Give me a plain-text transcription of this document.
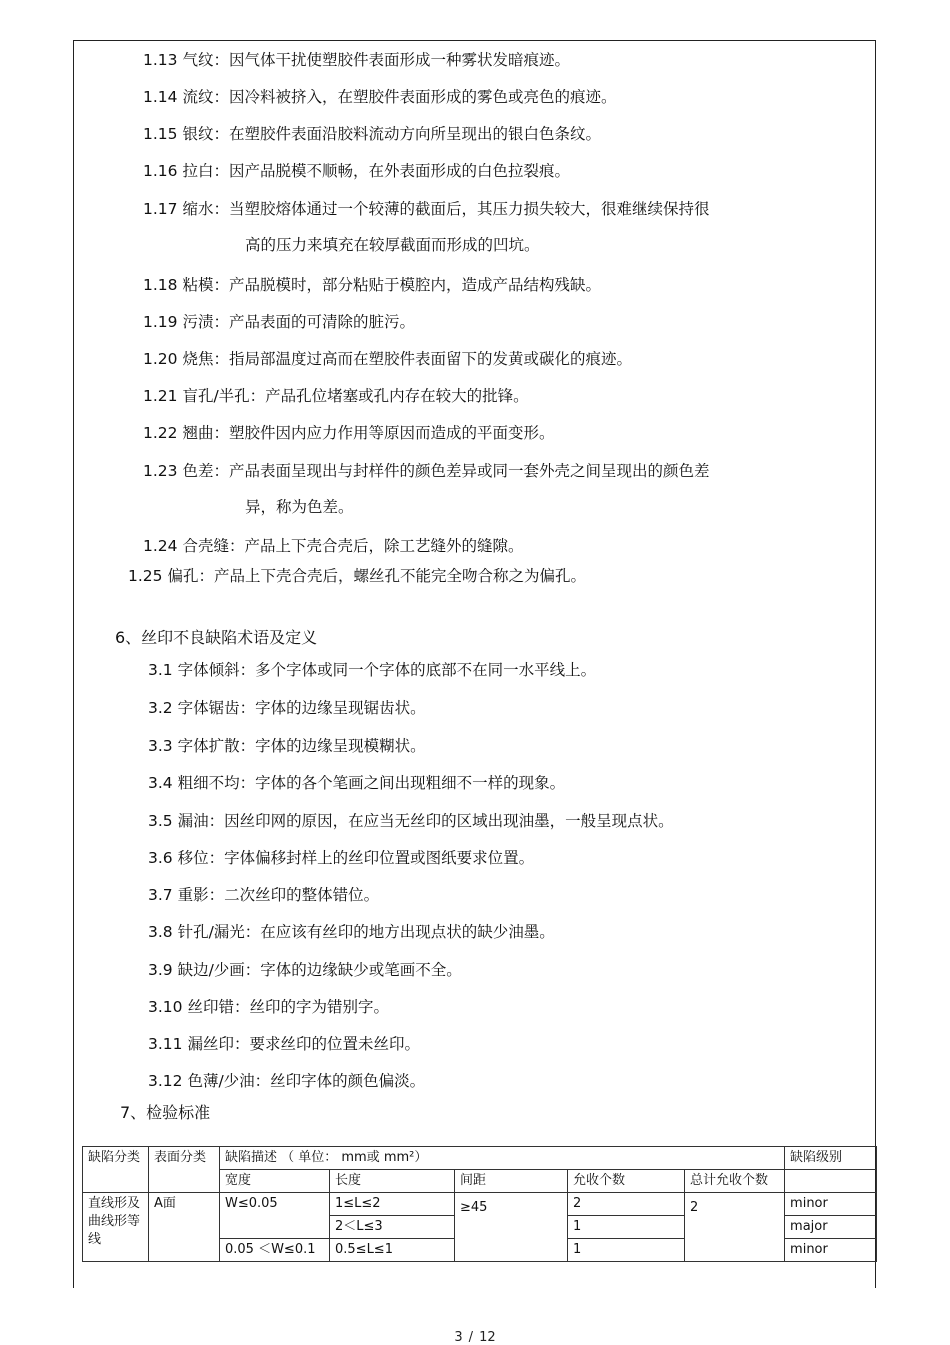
1.13 气纹：因气体干扰使塑胶件表面形成一种雾状发暗痕迹。
1.14 流纹：因冷料被挤入，在塑胶件表面形成的雾色或亮色的痕迹。
1.15 银纹：在塑胶件表面沿胶料流动方向所呈现出的银白色条纹。
1.16 拉白：因产品脱模不顺畅，在外表面形成的白色拉裂痕。
1.17 缩水：当塑胶熔体通过一个较薄的截面后，其压力损失较大，很难继续保持很
高的压力来填充在较厚截面而形成的凹坑。
1.18 粘模：产品脱模时，部分粘贴于模腔内，造成产品结构残缺。
1.19 污渍：产品表面的可清除的脏污。
1.20 烧焦：指局部温度过高而在塑胶件表面留下的发黄或碳化的痕迹。
1.21 盲孔/半孔：产品孔位堵塞或孔内存在较大的批锋。
1.22 翘曲：塑胶件因内应力作用等原因而造成的平面变形。
1.23 色差：产品表面呈现出与封样件的颜色差异或同一套外壳之间呈现出的颜色差
异，称为色差。
1.24 合壳缝：产品上下壳合壳后，除工艺缝外的缝隙。
1.25 偏孔：产品上下壳合壳后，螺丝孔不能完全吻合称之为偏孔。
6、丝印不良缺陷术语及定义
3.1 字体倾斜：多个字体或同一个字体的底部不在同一水平线上。
3.2 字体锯齿：字体的边缘呈现锯齿状。
3.3 字体扩散：字体的边缘呈现模糊状。
3.4 粗细不均：字体的各个笔画之间出现粗细不一样的现象。
3.5 漏油：因丝印网的原因，在应当无丝印的区域出现油墨，一般呈现点状。
3.6 移位：字体偏移封样上的丝印位置或图纸要求位置。
3.7 重影：二次丝印的整体错位。
3.8 针孔/漏光：在应该有丝印的地方出现点状的缺少油墨。
3.9 缺边/少画：字体的边缘缺少或笔画不全。
3.10 丝印错：丝印的字为错别字。
3.11 漏丝印：要求丝印的位置未丝印。
3.12 色薄/少油：丝印字体的颜色偏淡。
7、检验标准
缺陷分类	表面分类	缺陷描述 （ 单位： mm或 mm²）					缺陷级别
		宽度	长度	间距	允收个数	总计允收个数	
直线形及曲线形等线	A面	W≤0.05	1≤L≤2	≥45	2	2	minor
			2＜L≤3		1		major
		0.05 ＜W≤0.1	0.5≤L≤1		1		minor
3 / 12
